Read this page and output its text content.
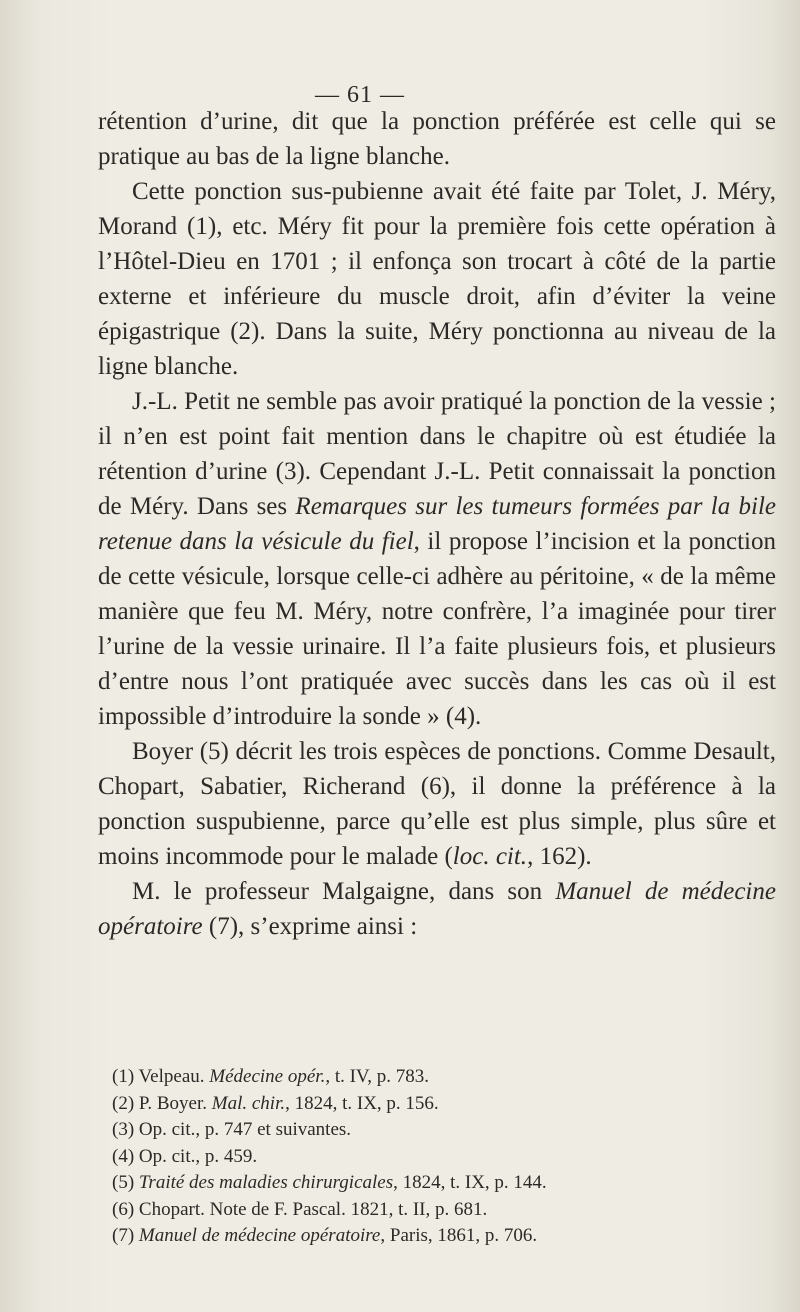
— 61 —

rétention d’urine, dit que la ponction préférée est celle qui se pratique au bas de la ligne blanche.

Cette ponction sus-pubienne avait été faite par Tolet, J. Méry, Morand (1), etc. Méry fit pour la première fois cette opération à l’Hôtel-Dieu en 1701 ; il enfonça son trocart à côté de la partie externe et inférieure du muscle droit, afin d’éviter la veine épigastrique (2). Dans la suite, Méry ponctionna au niveau de la ligne blanche.

J.-L. Petit ne semble pas avoir pratiqué la ponction de la vessie ; il n’en est point fait mention dans le chapitre où est étudiée la rétention d’urine (3). Cependant J.-L. Petit connaissait la ponction de Méry. Dans ses Remarques sur les tumeurs formées par la bile retenue dans la vésicule du fiel, il propose l’incision et la ponction de cette vésicule, lorsque celle-ci adhère au péritoine, « de la même manière que feu M. Méry, notre confrère, l’a imaginée pour tirer l’urine de la vessie urinaire. Il l’a faite plusieurs fois, et plusieurs d’entre nous l’ont pratiquée avec succès dans les cas où il est impossible d’introduire la sonde » (4).

Boyer (5) décrit les trois espèces de ponctions. Comme Desault, Chopart, Sabatier, Richerand (6), il donne la préférence à la ponction suspubienne, parce qu’elle est plus simple, plus sûre et moins incommode pour le malade (loc. cit., 162).

M. le professeur Malgaigne, dans son Manuel de médecine opératoire (7), s’exprime ainsi :

(1) Velpeau. Médecine opér., t. IV, p. 783.
(2) P. Boyer. Mal. chir., 1824, t. IX, p. 156.
(3) Op. cit., p. 747 et suivantes.
(4) Op. cit., p. 459.
(5) Traité des maladies chirurgicales, 1824, t. IX, p. 144.
(6) Chopart. Note de F. Pascal. 1821, t. II, p. 681.
(7) Manuel de médecine opératoire, Paris, 1861, p. 706.
